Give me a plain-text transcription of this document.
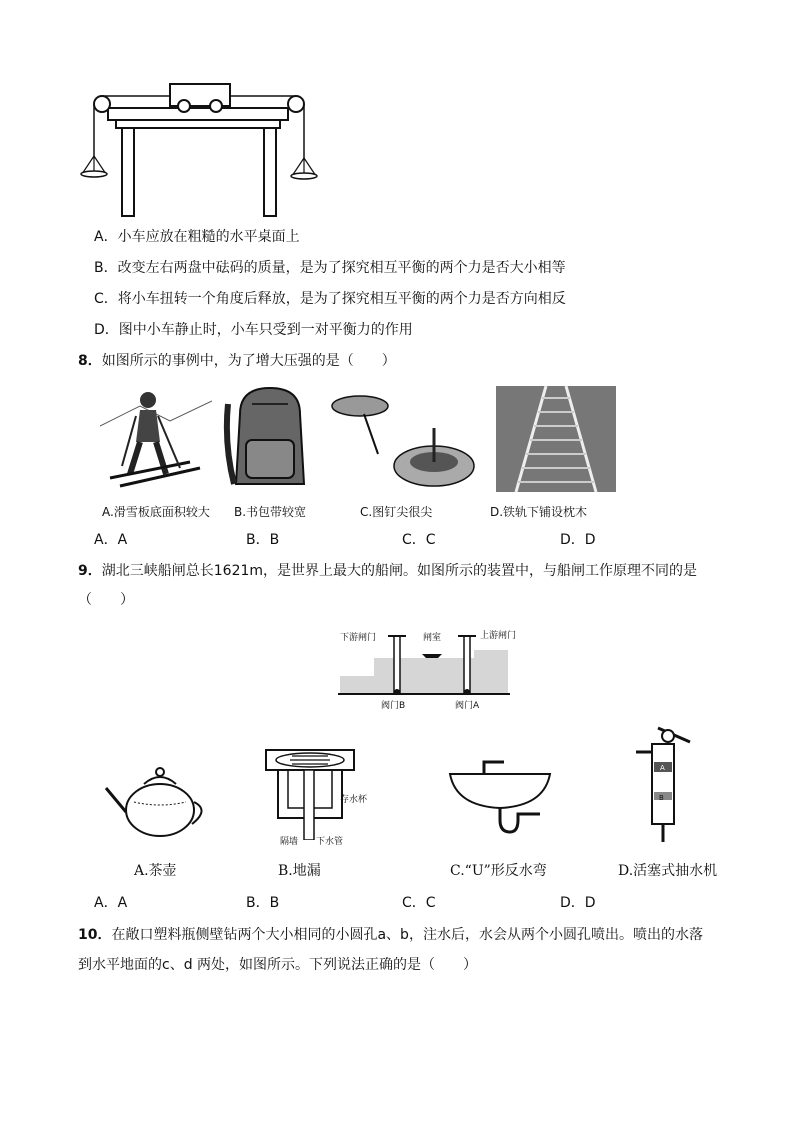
A．小车应放在粗糙的水平桌面上
B．改变左右两盘中砝码的质量，是为了探究相互平衡的两个力是否大小相等
C．将小车扭转一个角度后释放，是为了探究相互平衡的两个力是否方向相反
D．图中小车静止时，小车只受到一对平衡力的作用
8．如图所示的事例中，为了增大压强的是（　　）
A.滑雪板底面积较大 B.书包带较宽	C.图钉尖很尖	D.铁轨下铺设枕木
A．A	B．B	C．C	D．D
9．湖北三峡船闸总长1621m，是世界上最大的船闸。如图所示的装置中，与船闸工作原理不同的是
（　　）
下游闸门	闸室	上游闸门
阀门B	阀门A
存水杯
隔墙 下水管
A
B
A.茶壶	B.地漏	C.“U”形反水弯	D.活塞式抽水机
A．A	B．B	C．C	D．D
10．在敞口塑料瓶侧壁钻两个大小相同的小圆孔a、b，注水后，水会从两个小圆孔喷出。喷出的水落
到水平地面的c、d 两处，如图所示。下列说法正确的是（　　）
